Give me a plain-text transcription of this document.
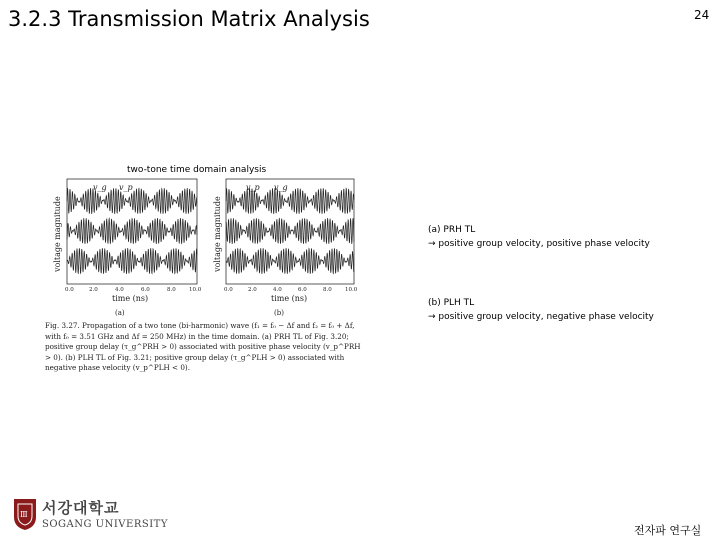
3.2.3 Transmission Matrix Analysis	24
two-tone time domain analysis
v_g v_p
0.0	2.0	4.0	6.0	8.0 10.0
time (ns)
(a)
voltage magnitude
v_p v_g
0.0	2.0	4.0	6.0	8.0 10.0
time (ns)
(b)
voltage magnitude
Fig. 3.27. Propagation of a two tone (bi-harmonic) wave (f₁ = f₀ − Δf and f₂ = f₀ + Δf, with f₀ = 3.51 GHz and Δf = 250 MHz) in the time domain. (a) PRH TL of Fig. 3.20; positive group delay (τ_g^PRH > 0) associated with positive phase velocity (v_p^PRH > 0). (b) PLH TL of Fig. 3.21; positive group delay (τ_g^PLH > 0) associated with negative phase velocity (v_p^PLH < 0).
(a) PRH TL
→ positive group velocity, positive phase velocity
(b) PLH TL
→ positive group velocity, negative phase velocity
Ⅲ 서강대학교
SOGANG UNIVERSITY	전자파 연구실
